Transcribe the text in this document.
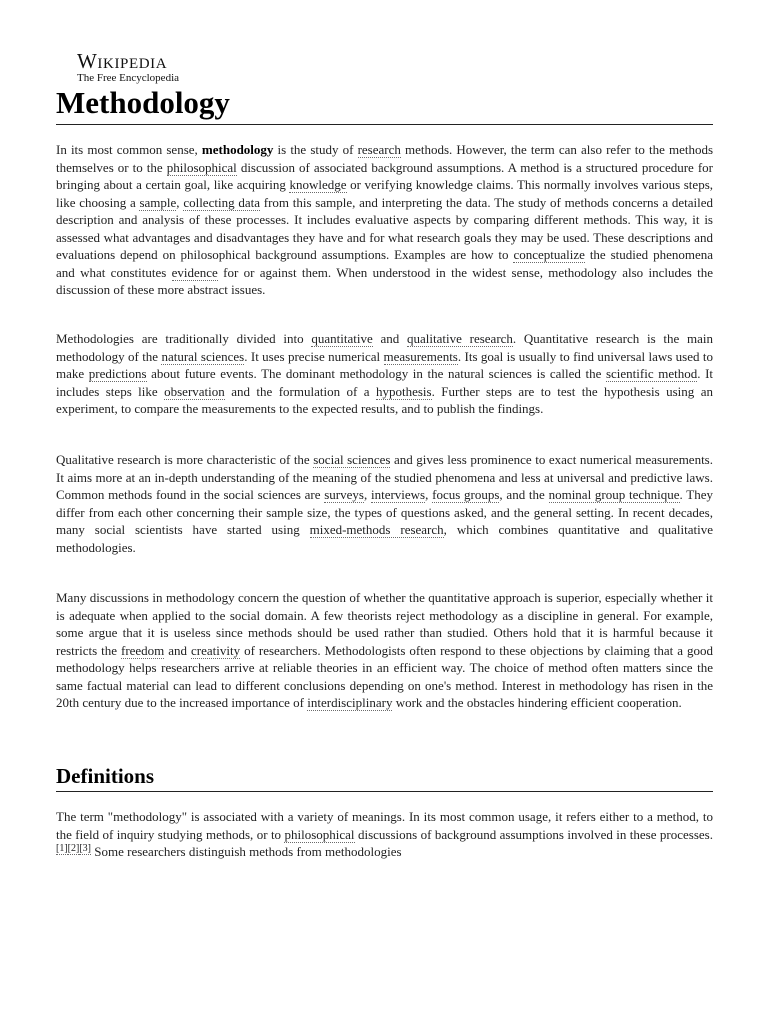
Wikipedia
The Free Encyclopedia
Methodology

In its most common sense, methodology is the study of research methods. However, the term can also refer to the methods themselves or to the philosophical discussion of associated background assumptions. A method is a structured procedure for bringing about a certain goal, like acquiring knowledge or verifying knowledge claims. This normally involves various steps, like choosing a sample, collecting data from this sample, and interpreting the data. The study of methods concerns a detailed description and analysis of these processes. It includes evaluative aspects by comparing different methods. This way, it is assessed what advantages and disadvantages they have and for what research goals they may be used. These descriptions and evaluations depend on philosophical background assumptions. Examples are how to conceptualize the studied phenomena and what constitutes evidence for or against them. When understood in the widest sense, methodology also includes the discussion of these more abstract issues.

Methodologies are traditionally divided into quantitative and qualitative research. Quantitative research is the main methodology of the natural sciences. It uses precise numerical measurements. Its goal is usually to find universal laws used to make predictions about future events. The dominant methodology in the natural sciences is called the scientific method. It includes steps like observation and the formulation of a hypothesis. Further steps are to test the hypothesis using an experiment, to compare the measurements to the expected results, and to publish the findings.

Qualitative research is more characteristic of the social sciences and gives less prominence to exact numerical measurements. It aims more at an in-depth understanding of the meaning of the studied phenomena and less at universal and predictive laws. Common methods found in the social sciences are surveys, interviews, focus groups, and the nominal group technique. They differ from each other concerning their sample size, the types of questions asked, and the general setting. In recent decades, many social scientists have started using mixed-methods research, which combines quantitative and qualitative methodologies.

Many discussions in methodology concern the question of whether the quantitative approach is superior, especially whether it is adequate when applied to the social domain. A few theorists reject methodology as a discipline in general. For example, some argue that it is useless since methods should be used rather than studied. Others hold that it is harmful because it restricts the freedom and creativity of researchers. Methodologists often respond to these objections by claiming that a good methodology helps researchers arrive at reliable theories in an efficient way. The choice of method often matters since the same factual material can lead to different conclusions depending on one's method. Interest in methodology has risen in the 20th century due to the increased importance of interdisciplinary work and the obstacles hindering efficient cooperation.

Definitions

The term "methodology" is associated with a variety of meanings. In its most common usage, it refers either to a method, to the field of inquiry studying methods, or to philosophical discussions of background assumptions involved in these processes.[1][2][3] Some researchers distinguish methods from methodologies
